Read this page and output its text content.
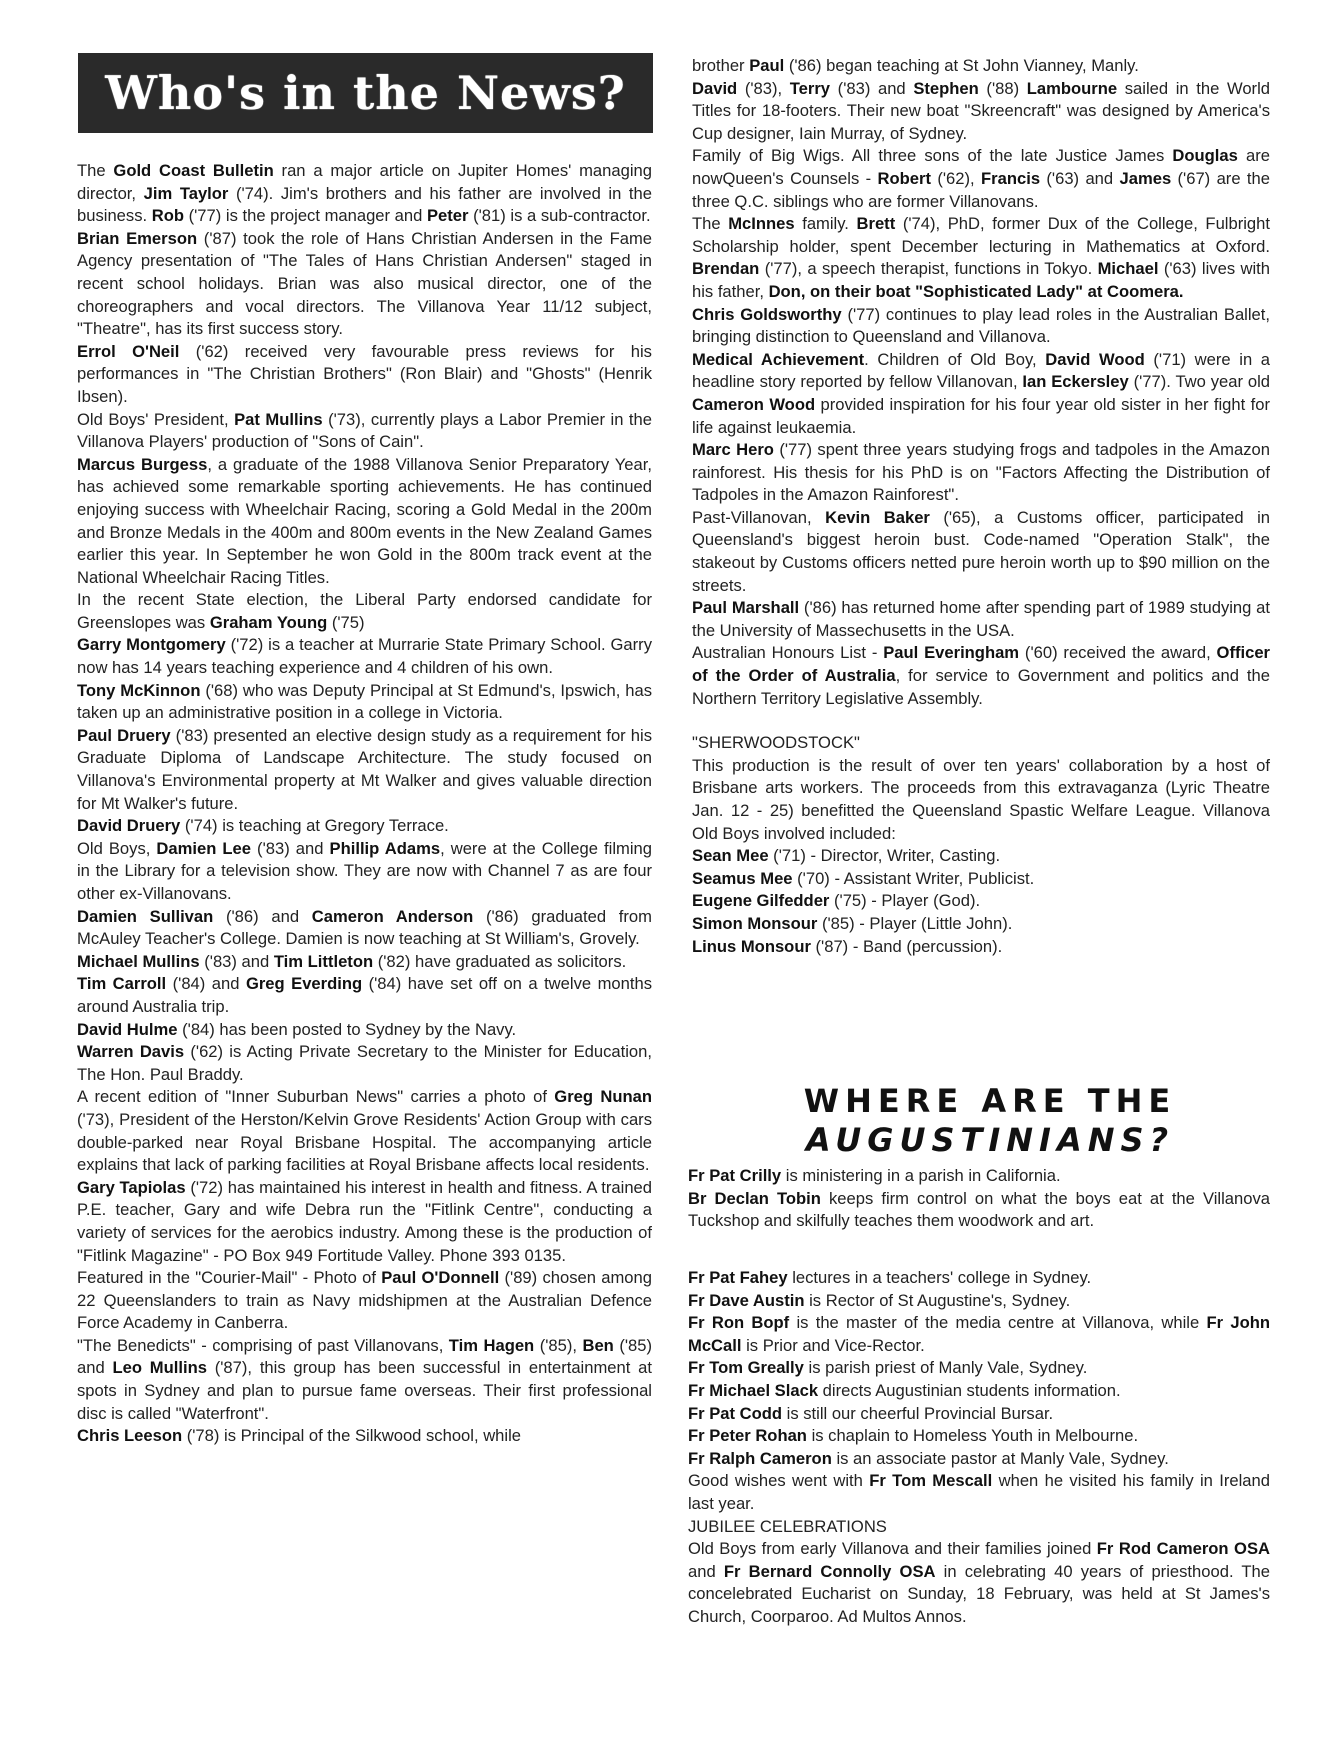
Who's in the News?

The Gold Coast Bulletin ran a major article on Jupiter Homes' managing director, Jim Taylor ('74). Jim's brothers and his father are involved in the business. Rob ('77) is the project manager and Peter ('81) is a sub-contractor.

Brian Emerson ('87) took the role of Hans Christian Andersen in the Fame Agency presentation of "The Tales of Hans Christian Andersen" staged in recent school holidays. Brian was also musical director, one of the choreographers and vocal directors. The Villanova Year 11/12 subject, "Theatre", has its first success story.

Errol O'Neil ('62) received very favourable press reviews for his performances in "The Christian Brothers" (Ron Blair) and "Ghosts" (Henrik Ibsen).

Old Boys' President, Pat Mullins ('73), currently plays a Labor Premier in the Villanova Players' production of "Sons of Cain".

Marcus Burgess, a graduate of the 1988 Villanova Senior Preparatory Year, has achieved some remarkable sporting achievements. He has continued enjoying success with Wheelchair Racing, scoring a Gold Medal in the 200m and Bronze Medals in the 400m and 800m events in the New Zealand Games earlier this year. In September he won Gold in the 800m track event at the National Wheelchair Racing Titles.

In the recent State election, the Liberal Party endorsed candidate for Greenslopes was Graham Young ('75)

Garry Montgomery ('72) is a teacher at Murrarie State Primary School. Garry now has 14 years teaching experience and 4 children of his own.

Tony McKinnon ('68) who was Deputy Principal at St Edmund's, Ipswich, has taken up an administrative position in a college in Victoria.

Paul Druery ('83) presented an elective design study as a requirement for his Graduate Diploma of Landscape Architecture. The study focused on Villanova's Environmental property at Mt Walker and gives valuable direction for Mt Walker's future.

David Druery ('74) is teaching at Gregory Terrace.

Old Boys, Damien Lee ('83) and Phillip Adams, were at the College filming in the Library for a television show. They are now with Channel 7 as are four other ex-Villanovans.

Damien Sullivan ('86) and Cameron Anderson ('86) graduated from McAuley Teacher's College. Damien is now teaching at St William's, Grovely.

Michael Mullins ('83) and Tim Littleton ('82) have graduated as solicitors.

Tim Carroll ('84) and Greg Everding ('84) have set off on a twelve months around Australia trip.

David Hulme ('84) has been posted to Sydney by the Navy.

Warren Davis ('62) is Acting Private Secretary to the Minister for Education, The Hon. Paul Braddy.

A recent edition of "Inner Suburban News" carries a photo of Greg Nunan ('73), President of the Herston/Kelvin Grove Residents' Action Group with cars double-parked near Royal Brisbane Hospital. The accompanying article explains that lack of parking facilities at Royal Brisbane affects local residents.

Gary Tapiolas ('72) has maintained his interest in health and fitness. A trained P.E. teacher, Gary and wife Debra run the "Fitlink Centre", conducting a variety of services for the aerobics industry. Among these is the production of "Fitlink Magazine" - PO Box 949 Fortitude Valley. Phone 393 0135.

Featured in the "Courier-Mail" - Photo of Paul O'Donnell ('89) chosen among 22 Queenslanders to train as Navy midshipmen at the Australian Defence Force Academy in Canberra.

"The Benedicts" - comprising of past Villanovans, Tim Hagen ('85), Ben ('85) and Leo Mullins ('87), this group has been successful in entertainment at spots in Sydney and plan to pursue fame overseas. Their first professional disc is called "Waterfront".

Chris Leeson ('78) is Principal of the Silkwood school, while

brother Paul ('86) began teaching at St John Vianney, Manly.

David ('83), Terry ('83) and Stephen ('88) Lambourne sailed in the World Titles for 18-footers. Their new boat "Skreencraft" was designed by America's Cup designer, Iain Murray, of Sydney.

Family of Big Wigs. All three sons of the late Justice James Douglas are nowQueen's Counsels - Robert ('62), Francis ('63) and James ('67) are the three Q.C. siblings who are former Villanovans.

The McInnes family. Brett ('74), PhD, former Dux of the College, Fulbright Scholarship holder, spent December lecturing in Mathematics at Oxford. Brendan ('77), a speech therapist, functions in Tokyo. Michael ('63) lives with his father, Don, on their boat "Sophisticated Lady" at Coomera.

Chris Goldsworthy ('77) continues to play lead roles in the Australian Ballet, bringing distinction to Queensland and Villanova.

Medical Achievement. Children of Old Boy, David Wood ('71) were in a headline story reported by fellow Villanovan, Ian Eckersley ('77). Two year old Cameron Wood provided inspiration for his four year old sister in her fight for life against leukaemia.

Marc Hero ('77) spent three years studying frogs and tadpoles in the Amazon rainforest. His thesis for his PhD is on "Factors Affecting the Distribution of Tadpoles in the Amazon Rainforest".

Past-Villanovan, Kevin Baker ('65), a Customs officer, participated in Queensland's biggest heroin bust. Code-named "Operation Stalk", the stakeout by Customs officers netted pure heroin worth up to $90 million on the streets.

Paul Marshall ('86) has returned home after spending part of 1989 studying at the University of Massechusetts in the USA.

Australian Honours List - Paul Everingham ('60) received the award, Officer of the Order of Australia, for service to Government and politics and the Northern Territory Legislative Assembly.

"SHERWOODSTOCK"

This production is the result of over ten years' collaboration by a host of Brisbane arts workers. The proceeds from this extravaganza (Lyric Theatre Jan. 12 - 25) benefitted the Queensland Spastic Welfare League. Villanova Old Boys involved included:

Sean Mee ('71) - Director, Writer, Casting.

Seamus Mee ('70) - Assistant Writer, Publicist.

Eugene Gilfedder ('75) - Player (God).

Simon Monsour ('85) - Player (Little John).

Linus Monsour ('87) - Band (percussion).

WHERE ARE THE
AUGUSTINIANS?

Fr Pat Crilly is ministering in a parish in California.

Br Declan Tobin keeps firm control on what the boys eat at the Villanova Tuckshop and skilfully teaches them woodwork and art.

Fr Pat Fahey lectures in a teachers' college in Sydney.

Fr Dave Austin is Rector of St Augustine's, Sydney.

Fr Ron Bopf is the master of the media centre at Villanova, while Fr John McCall is Prior and Vice-Rector.

Fr Tom Greally is parish priest of Manly Vale, Sydney.

Fr Michael Slack directs Augustinian students information.

Fr Pat Codd is still our cheerful Provincial Bursar.

Fr Peter Rohan is chaplain to Homeless Youth in Melbourne.

Fr Ralph Cameron is an associate pastor at Manly Vale, Sydney.

Good wishes went with Fr Tom Mescall when he visited his family in Ireland last year.

JUBILEE CELEBRATIONS

Old Boys from early Villanova and their families joined Fr Rod Cameron OSA and Fr Bernard Connolly OSA in celebrating 40 years of priesthood. The concelebrated Eucharist on Sunday, 18 February, was held at St James's Church, Coorparoo. Ad Multos Annos.
